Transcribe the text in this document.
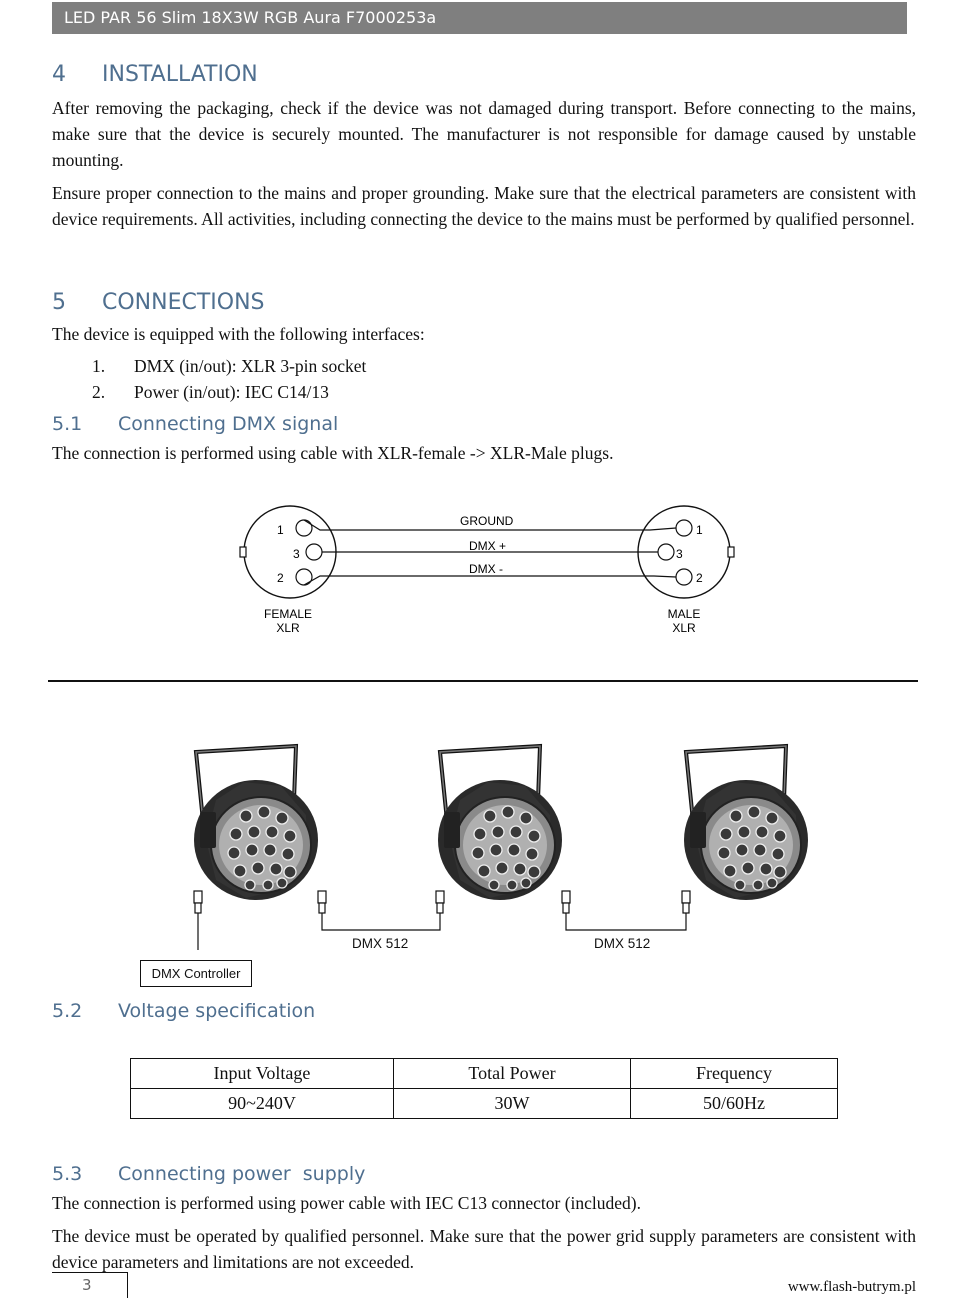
LED PAR 56 Slim 18X3W RGB Aura F7000253a
4 INSTALLATION
After removing the packaging, check if the device was not damaged during transport. Before connecting to the mains, make sure that the device is securely mounted. The manufacturer is not responsible for damage caused by unstable mounting.
Ensure proper connection to the mains and proper grounding. Make sure that the electrical parameters are consistent with device requirements. All activities, including connecting the device to the mains must be performed by qualified personnel.
5 CONNECTIONS
The device is equipped with the following interfaces:
1. DMX (in/out): XLR 3-pin socket
2. Power (in/out): IEC C14/13
5.1 Connecting DMX signal
The connection is performed using cable with XLR-female -> XLR-Male plugs.
1
3
2
1
3
2
GROUND
DMX +
DMX -
FEMALE
XLR
MALE
XLR
DMX 512	DMX 512
DMX Controller
5.2 Voltage specification
Input Voltage	Total Power	Frequency
90~240V	30W	50/60Hz
5.3 Connecting power  supply
The connection is performed using power cable with IEC C13 connector (included).
The device must be operated by qualified personnel. Make sure that the power grid supply parameters are consistent with device parameters and limitations are not exceeded.
3	www.flash-butrym.pl
